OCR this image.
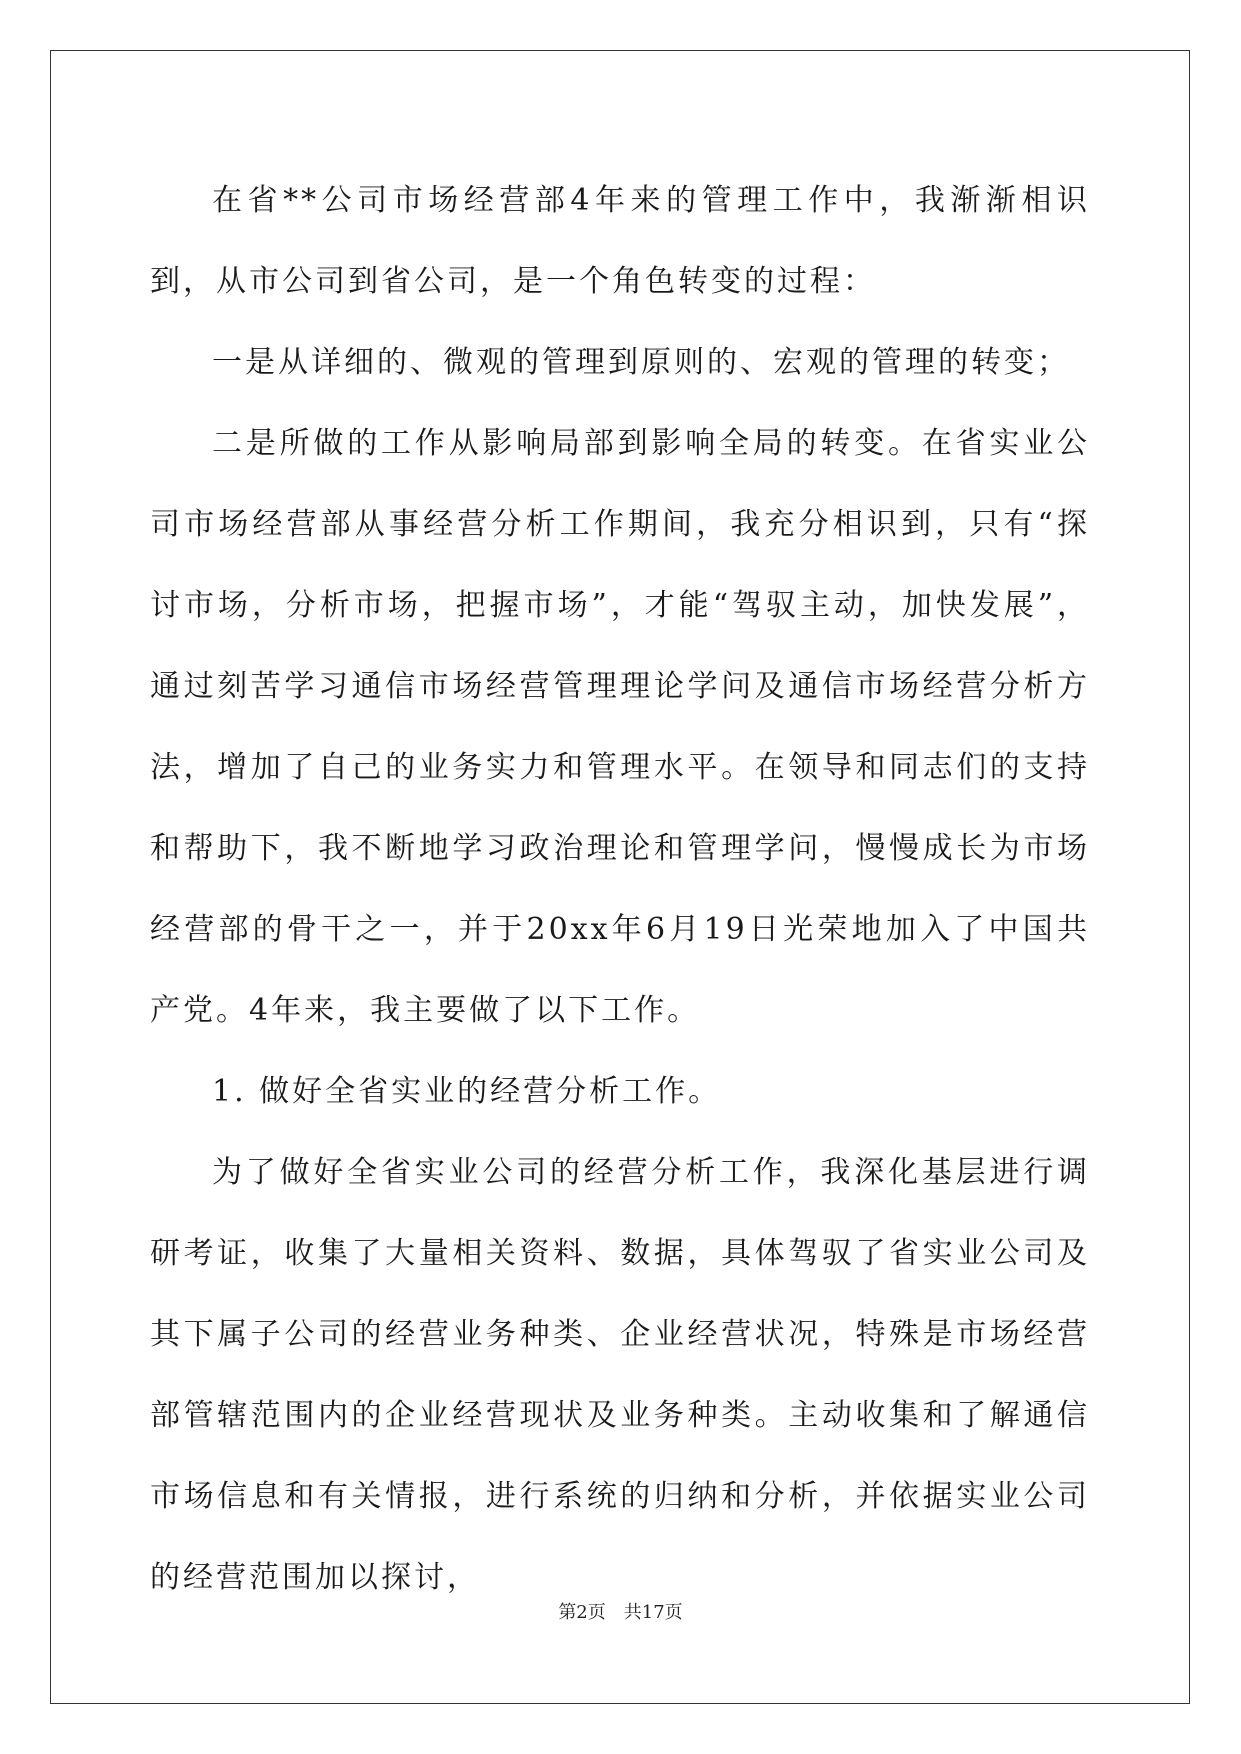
在省**公司市场经营部4年来的管理工作中，我渐渐相识到，从市公司到省公司，是一个角色转变的过程：

一是从详细的、微观的管理到原则的、宏观的管理的转变；

二是所做的工作从影响局部到影响全局的转变。在省实业公司市场经营部从事经营分析工作期间，我充分相识到，只有“探讨市场，分析市场，把握市场”，才能“驾驭主动，加快发展”，通过刻苦学习通信市场经营管理理论学问及通信市场经营分析方法，增加了自己的业务实力和管理水平。在领导和同志们的支持和帮助下，我不断地学习政治理论和管理学问，慢慢成长为市场经营部的骨干之一，并于20xx年6月19日光荣地加入了中国共产党。4年来，我主要做了以下工作。

1. 做好全省实业的经营分析工作。

为了做好全省实业公司的经营分析工作，我深化基层进行调研考证，收集了大量相关资料、数据，具体驾驭了省实业公司及其下属子公司的经营业务种类、企业经营状况，特殊是市场经营部管辖范围内的企业经营现状及业务种类。主动收集和了解通信市场信息和有关情报，进行系统的归纳和分析，并依据实业公司的经营范围加以探讨，

第2页　共17页
